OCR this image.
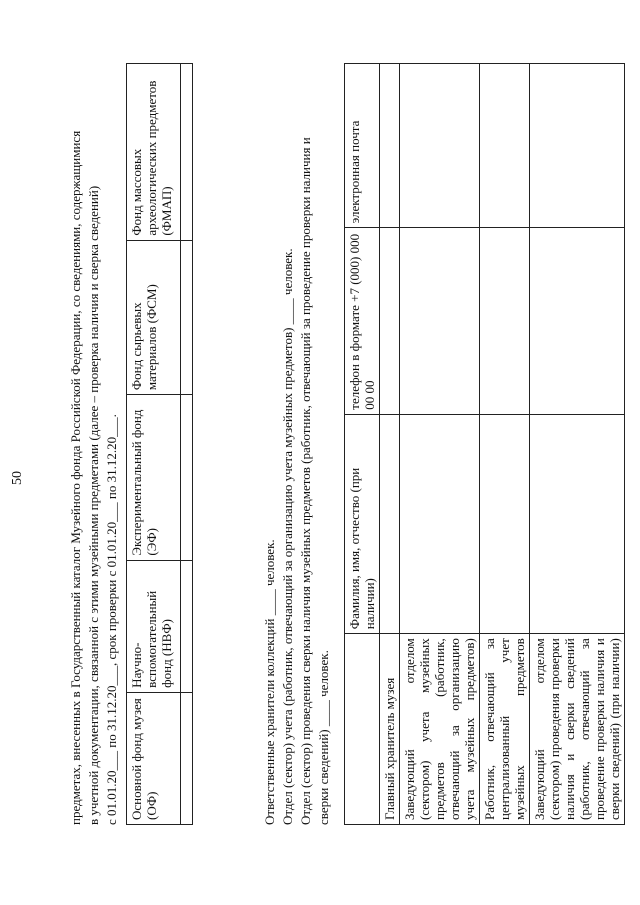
50	предметах, внесенных в Государственный каталог Музейного фонда Российской Федерации, со сведениями, содержащимися в учетной документации, связанной с этими музейными предметами (далее – проверка наличия и сверка сведений) с 01.01.20___ по 31.12.20___, срок проверки с 01.01.20___ по 31.12.20___. Основной фонд музея (ОФ)	Научно-вспомогательный фонд (НВФ)	Экспериментальный фонд (ЭФ)	Фонд сырьевых материалов (ФСМ)	Фонд массовых археологических предметов (ФМАП)

Ответственные хранители коллекций ____ человек. Отдел (сектор) учета (работник, отвечающий за организацию учета музейных предметов) ____ человек. Отдел (сектор) проведения сверки наличия музейных предметов (работник, отвечающий за проведение проверки наличия и сверки сведений) ____ человек.
	Фамилия, имя, отчество (при наличии)	телефон в формате +7 (000) 000 00 00	электронная почта
Главный хранитель музея			
Заведующий отделом (сектором) учета музейных предметов (работник, отвечающий за организацию учета музейных предметов)			
Работник, отвечающий за централизованный учет музейных предметов			
Заведующий отделом (сектором) проведения проверки наличия и сверки сведений (работник, отвечающий за проведение проверки наличия и сверки сведений) (при наличии)			
